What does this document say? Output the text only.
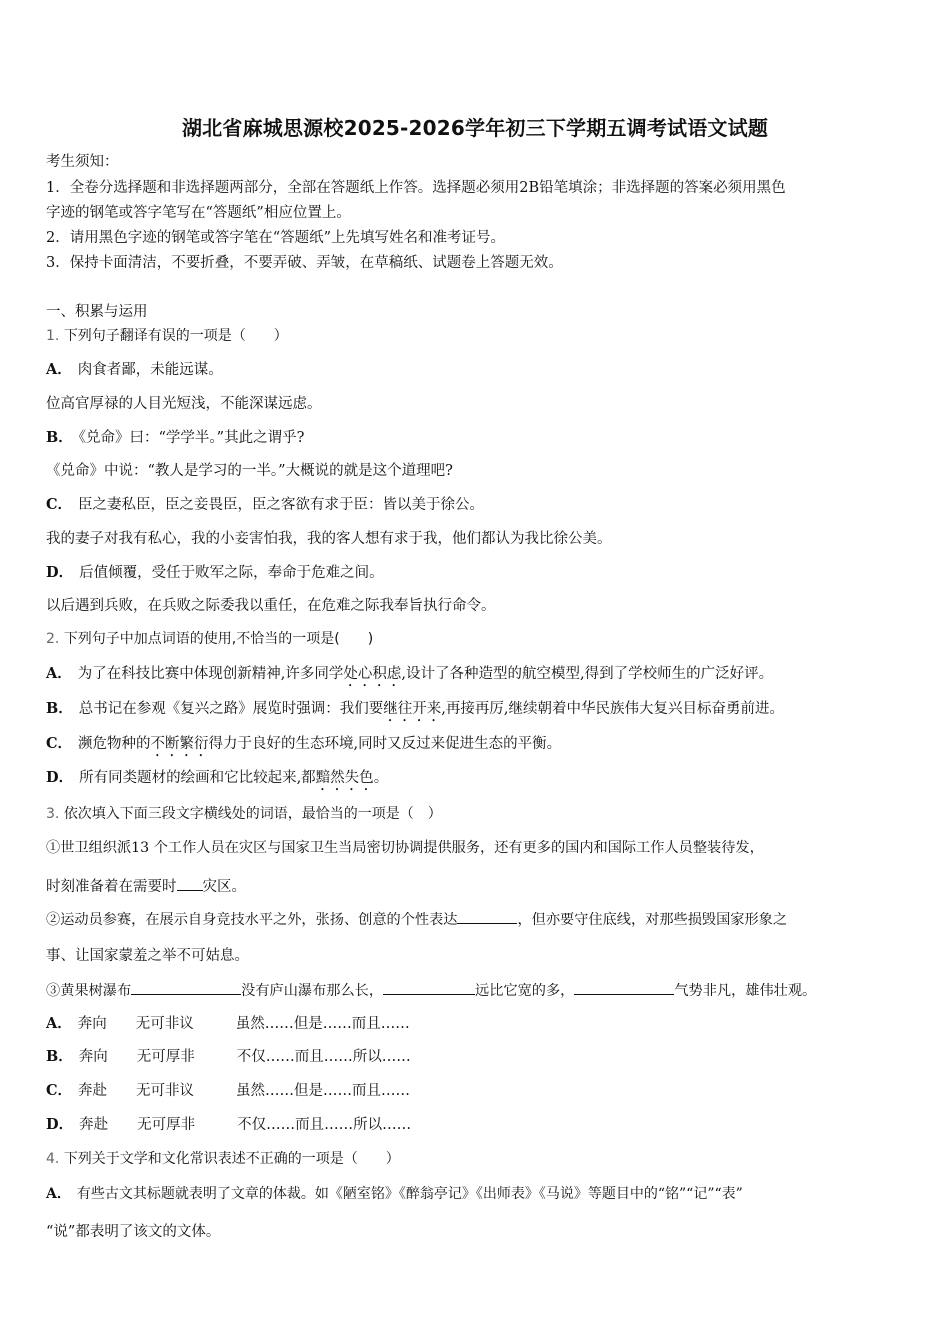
湖北省麻城思源校2025-2026学年初三下学期五调考试语文试题
考生须知：
1．全卷分选择题和非选择题两部分，全部在答题纸上作答。选择题必须用2B铅笔填涂；非选择题的答案必须用黑色
字迹的钢笔或答字笔写在“答题纸”相应位置上。
2．请用黑色字迹的钢笔或答字笔在“答题纸”上先填写姓名和准考证号。
3．保持卡面清洁，不要折叠，不要弄破、弄皱，在草稿纸、试题卷上答题无效。
一、积累与运用
1. 下列句子翻译有误的一项是（　　）
A． 肉食者鄙，未能远谋。
位高官厚禄的人目光短浅，不能深谋远虑。
B． 《兑命》曰：“学学半。”其此之谓乎?
《兑命》中说：“教人是学习的一半。”大概说的就是这个道理吧?
C． 臣之妻私臣，臣之妾畏臣，臣之客欲有求于臣：皆以美于徐公。
我的妻子对我有私心，我的小妾害怕我，我的客人想有求于我，他们都认为我比徐公美。
D． 后值倾覆，受任于败军之际，奉命于危难之间。
以后遇到兵败，在兵败之际委我以重任，在危难之际我奉旨执行命令。
2. 下列句子中加点词语的使用,不恰当的一项是(　　)
A． 为了在科技比赛中体现创新精神,许多同学处心积虑,设计了各种造型的航空模型,得到了学校师生的广泛好评。
B． 总书记在参观《复兴之路》展览时强调：我们要继往开来,再接再厉,继续朝着中华民族伟大复兴目标奋勇前进。
C． 濒危物种的不断繁衍得力于良好的生态环境,同时又反过来促进生态的平衡。
D． 所有同类题材的绘画和它比较起来,都黯然失色。
3. 依次填入下面三段文字横线处的词语，最恰当的一项是（　）
①世卫组织派13 个工作人员在灾区与国家卫生当局密切协调提供服务，还有更多的国内和国际工作人员整装待发，
时刻准备着在需要时 灾区。
②运动员参赛，在展示自身竞技水平之外，张扬、创意的个性表达	，但亦要守住底线，对那些损毁国家形象之
事、让国家蒙羞之举不可姑息。
③黄果树瀑布	没有庐山瀑布那么长，	远比它宽的多，	气势非凡，雄伟壮观。
A． 奔向 无可非议	虽然……但是……而且……
B． 奔向 无可厚非	不仅……而且……所以……
C． 奔赴 无可非议	虽然……但是……而且……
D． 奔赴 无可厚非	不仅……而且……所以……
4. 下列关于文学和文化常识表述不正确的一项是（　　）
A． 有些古文其标题就表明了文章的体裁。如《陋室铭》《醉翁亭记》《出师表》《马说》等题目中的“铭”“记”“表”
“说”都表明了该文的文体。
